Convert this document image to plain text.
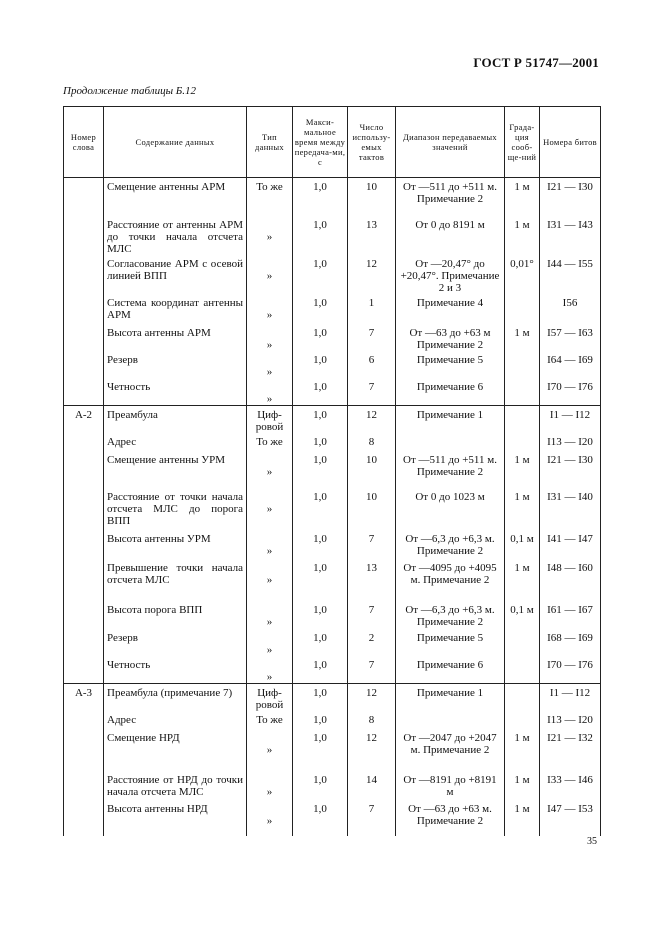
ГОСТ Р 51747—2001
Продолжение таблицы Б.12
Номер слова	Содержание данных	Тип данных	Макси-мальное время между передача-ми, с	Число использу-емых тактов	Диапазон передаваемых значений	Града-ция сооб-ще-ний	Номера битов
	Смещение антенны АРМ	То же	1,0	10	От —511 до +511 м. Примечание 2	1 м	I21 — I30
	Расстояние от антенны АРМ до точки начала отсчета МЛС	»	1,0	13	От 0 до 8191 м	1 м	I31 — I43
	Согласование АРМ с осевой линией ВПП	»	1,0	12	От —20,47° до +20,47°. Примечание 2 и 3	0,01°	I44 — I55
	Система координат антенны АРМ	»	1,0	1	Примечание 4		I56
	Высота антенны АРМ	»	1,0	7	От —63 до +63 м Примечание 2	1 м	I57 — I63
	Резерв	»	1,0	6	Примечание 5		I64 — I69
	Четность	»	1,0	7	Примечание 6		I70 — I76
А-2	Преамбула	Циф-ровой	1,0	12	Примечание 1		I1 — I12
	Адрес	То же	1,0	8			I13 — I20
	Смещение антенны УРМ	»	1,0	10	От —511 до +511 м. Примечание 2	1 м	I21 — I30
	Расстояние от точки начала отсчета МЛС до порога ВПП	»	1,0	10	От 0 до 1023 м	1 м	I31 — I40
	Высота антенны УРМ	»	1,0	7	От —6,3 до +6,3 м. Примечание 2	0,1 м	I41 — I47
	Превышение точки начала отсчета МЛС	»	1,0	13	От —4095 до +4095 м. Примечание 2	1 м	I48 — I60
	Высота порога ВПП	»	1,0	7	От —6,3 до +6,3 м. Примечание 2	0,1 м	I61 — I67
	Резерв	»	1,0	2	Примечание 5		I68 — I69
	Четность	»	1,0	7	Примечание 6		I70 — I76
А-3	Преамбула (примечание 7)	Циф-ровой	1,0	12	Примечание 1		I1 — I12
	Адрес	То же	1,0	8			I13 — I20
	Смещение НРД	»	1,0	12	От —2047 до +2047 м. Примечание 2	1 м	I21 — I32
	Расстояние от НРД до точки начала отсчета МЛС	»	1,0	14	От —8191 до +8191 м	1 м	I33 — I46
	Высота антенны НРД	»	1,0	7	От —63 до +63 м. Примечание 2	1 м	I47 — I53
35
